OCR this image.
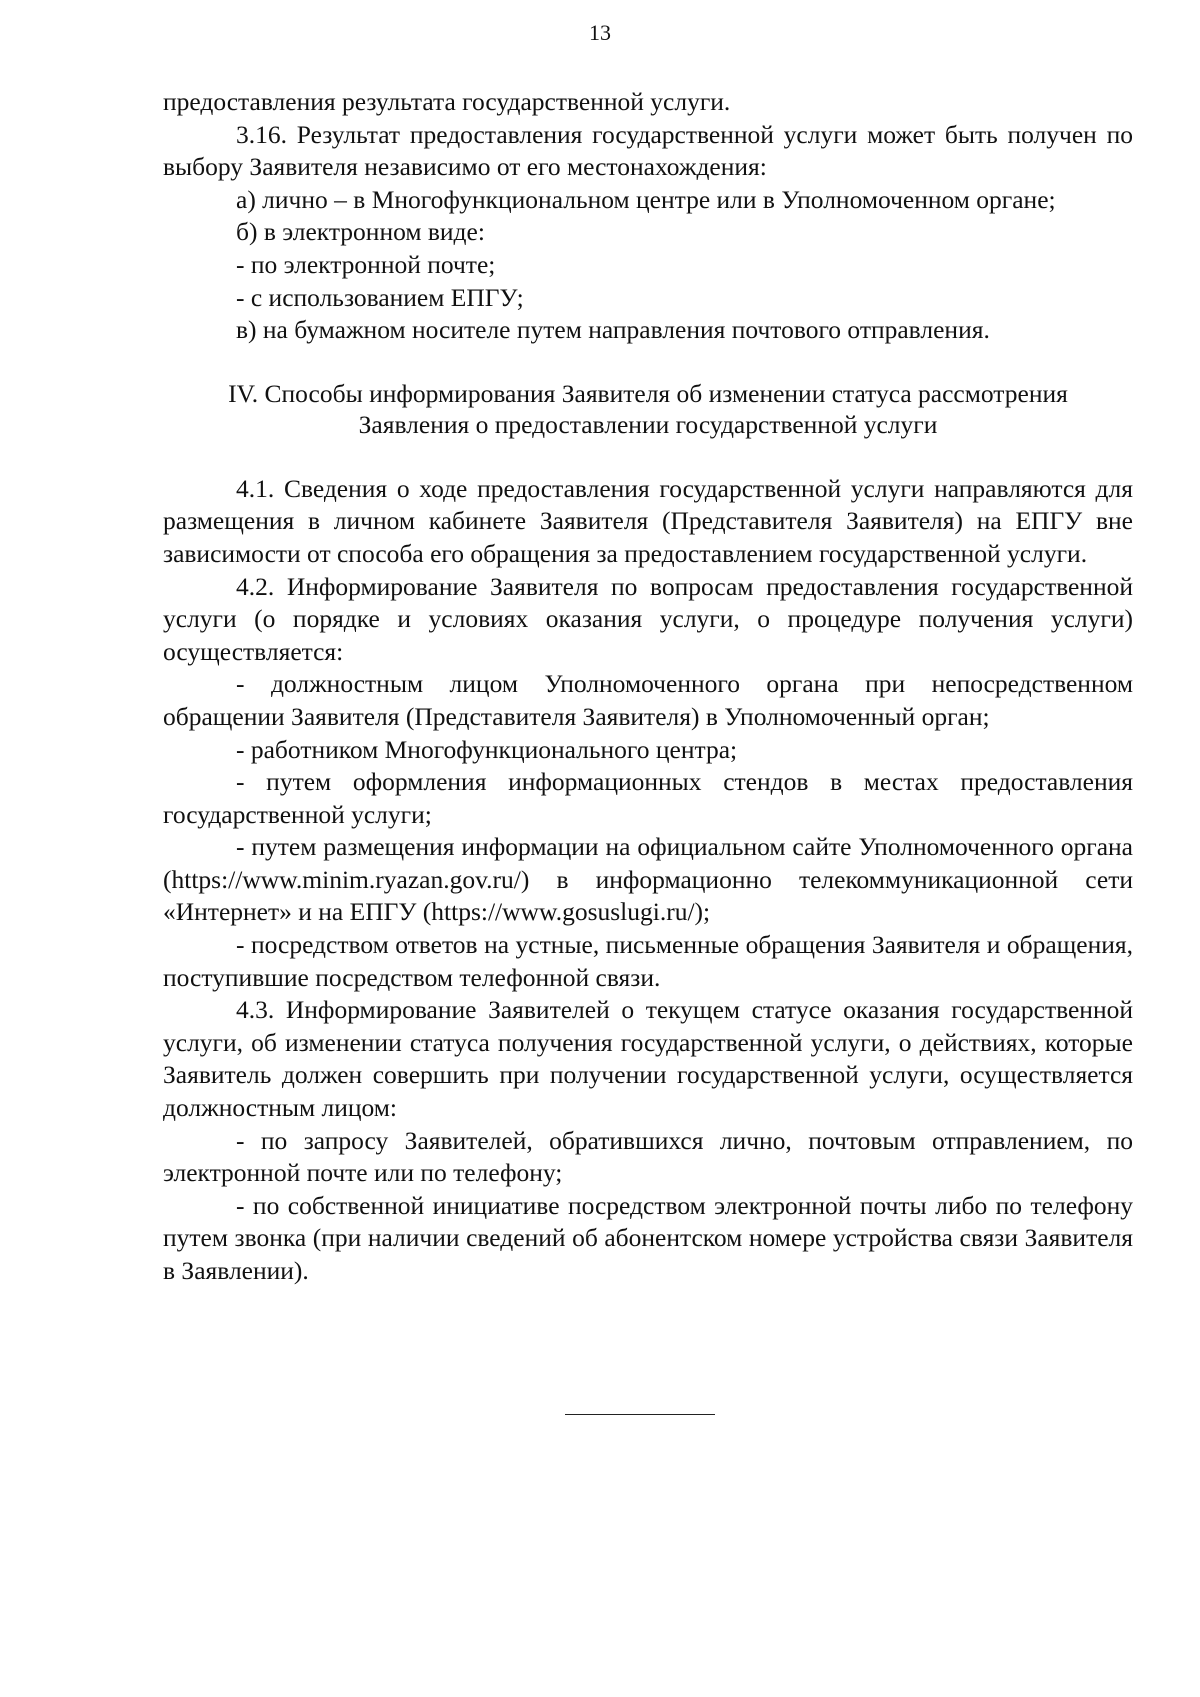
13

предоставления результата государственной услуги.

3.16. Результат предоставления государственной услуги может быть получен по выбору Заявителя независимо от его местонахождения:

а) лично – в Многофункциональном центре или в Уполномоченном органе;

б) в электронном виде:

- по электронной почте;

- с использованием ЕПГУ;

в) на бумажном носителе путем направления почтового отправления.

IV. Способы информирования Заявителя об изменении статуса рассмотрения
Заявления о предоставлении государственной услуги

4.1. Сведения о ходе предоставления государственной услуги направляются для размещения в личном кабинете Заявителя (Представителя Заявителя) на ЕПГУ вне зависимости от способа его обращения за предоставлением государственной услуги.

4.2. Информирование Заявителя по вопросам предоставления государственной услуги (о порядке и условиях оказания услуги, о процедуре получения услуги) осуществляется:

- должностным лицом Уполномоченного органа при непосредственном обращении Заявителя (Представителя Заявителя) в Уполномоченный орган;

- работником Многофункционального центра;

- путем оформления информационных стендов в местах предоставления государственной услуги;

- путем размещения информации на официальном сайте Уполномоченного органа (https://www.minim.ryazan.gov.ru/) в информационно телекоммуникационной сети «Интернет» и на ЕПГУ (https://www.gosuslugi.ru/);

- посредством ответов на устные, письменные обращения Заявителя и обращения, поступившие посредством телефонной связи.

4.3. Информирование Заявителей о текущем статусе оказания государственной услуги, об изменении статуса получения государственной услуги, о действиях, которые Заявитель должен совершить при получении государственной услуги, осуществляется должностным лицом:

- по запросу Заявителей, обратившихся лично, почтовым отправлением, по электронной почте или по телефону;

- по собственной инициативе посредством электронной почты либо по телефону путем звонка (при наличии сведений об абонентском номере устройства связи Заявителя в Заявлении).
